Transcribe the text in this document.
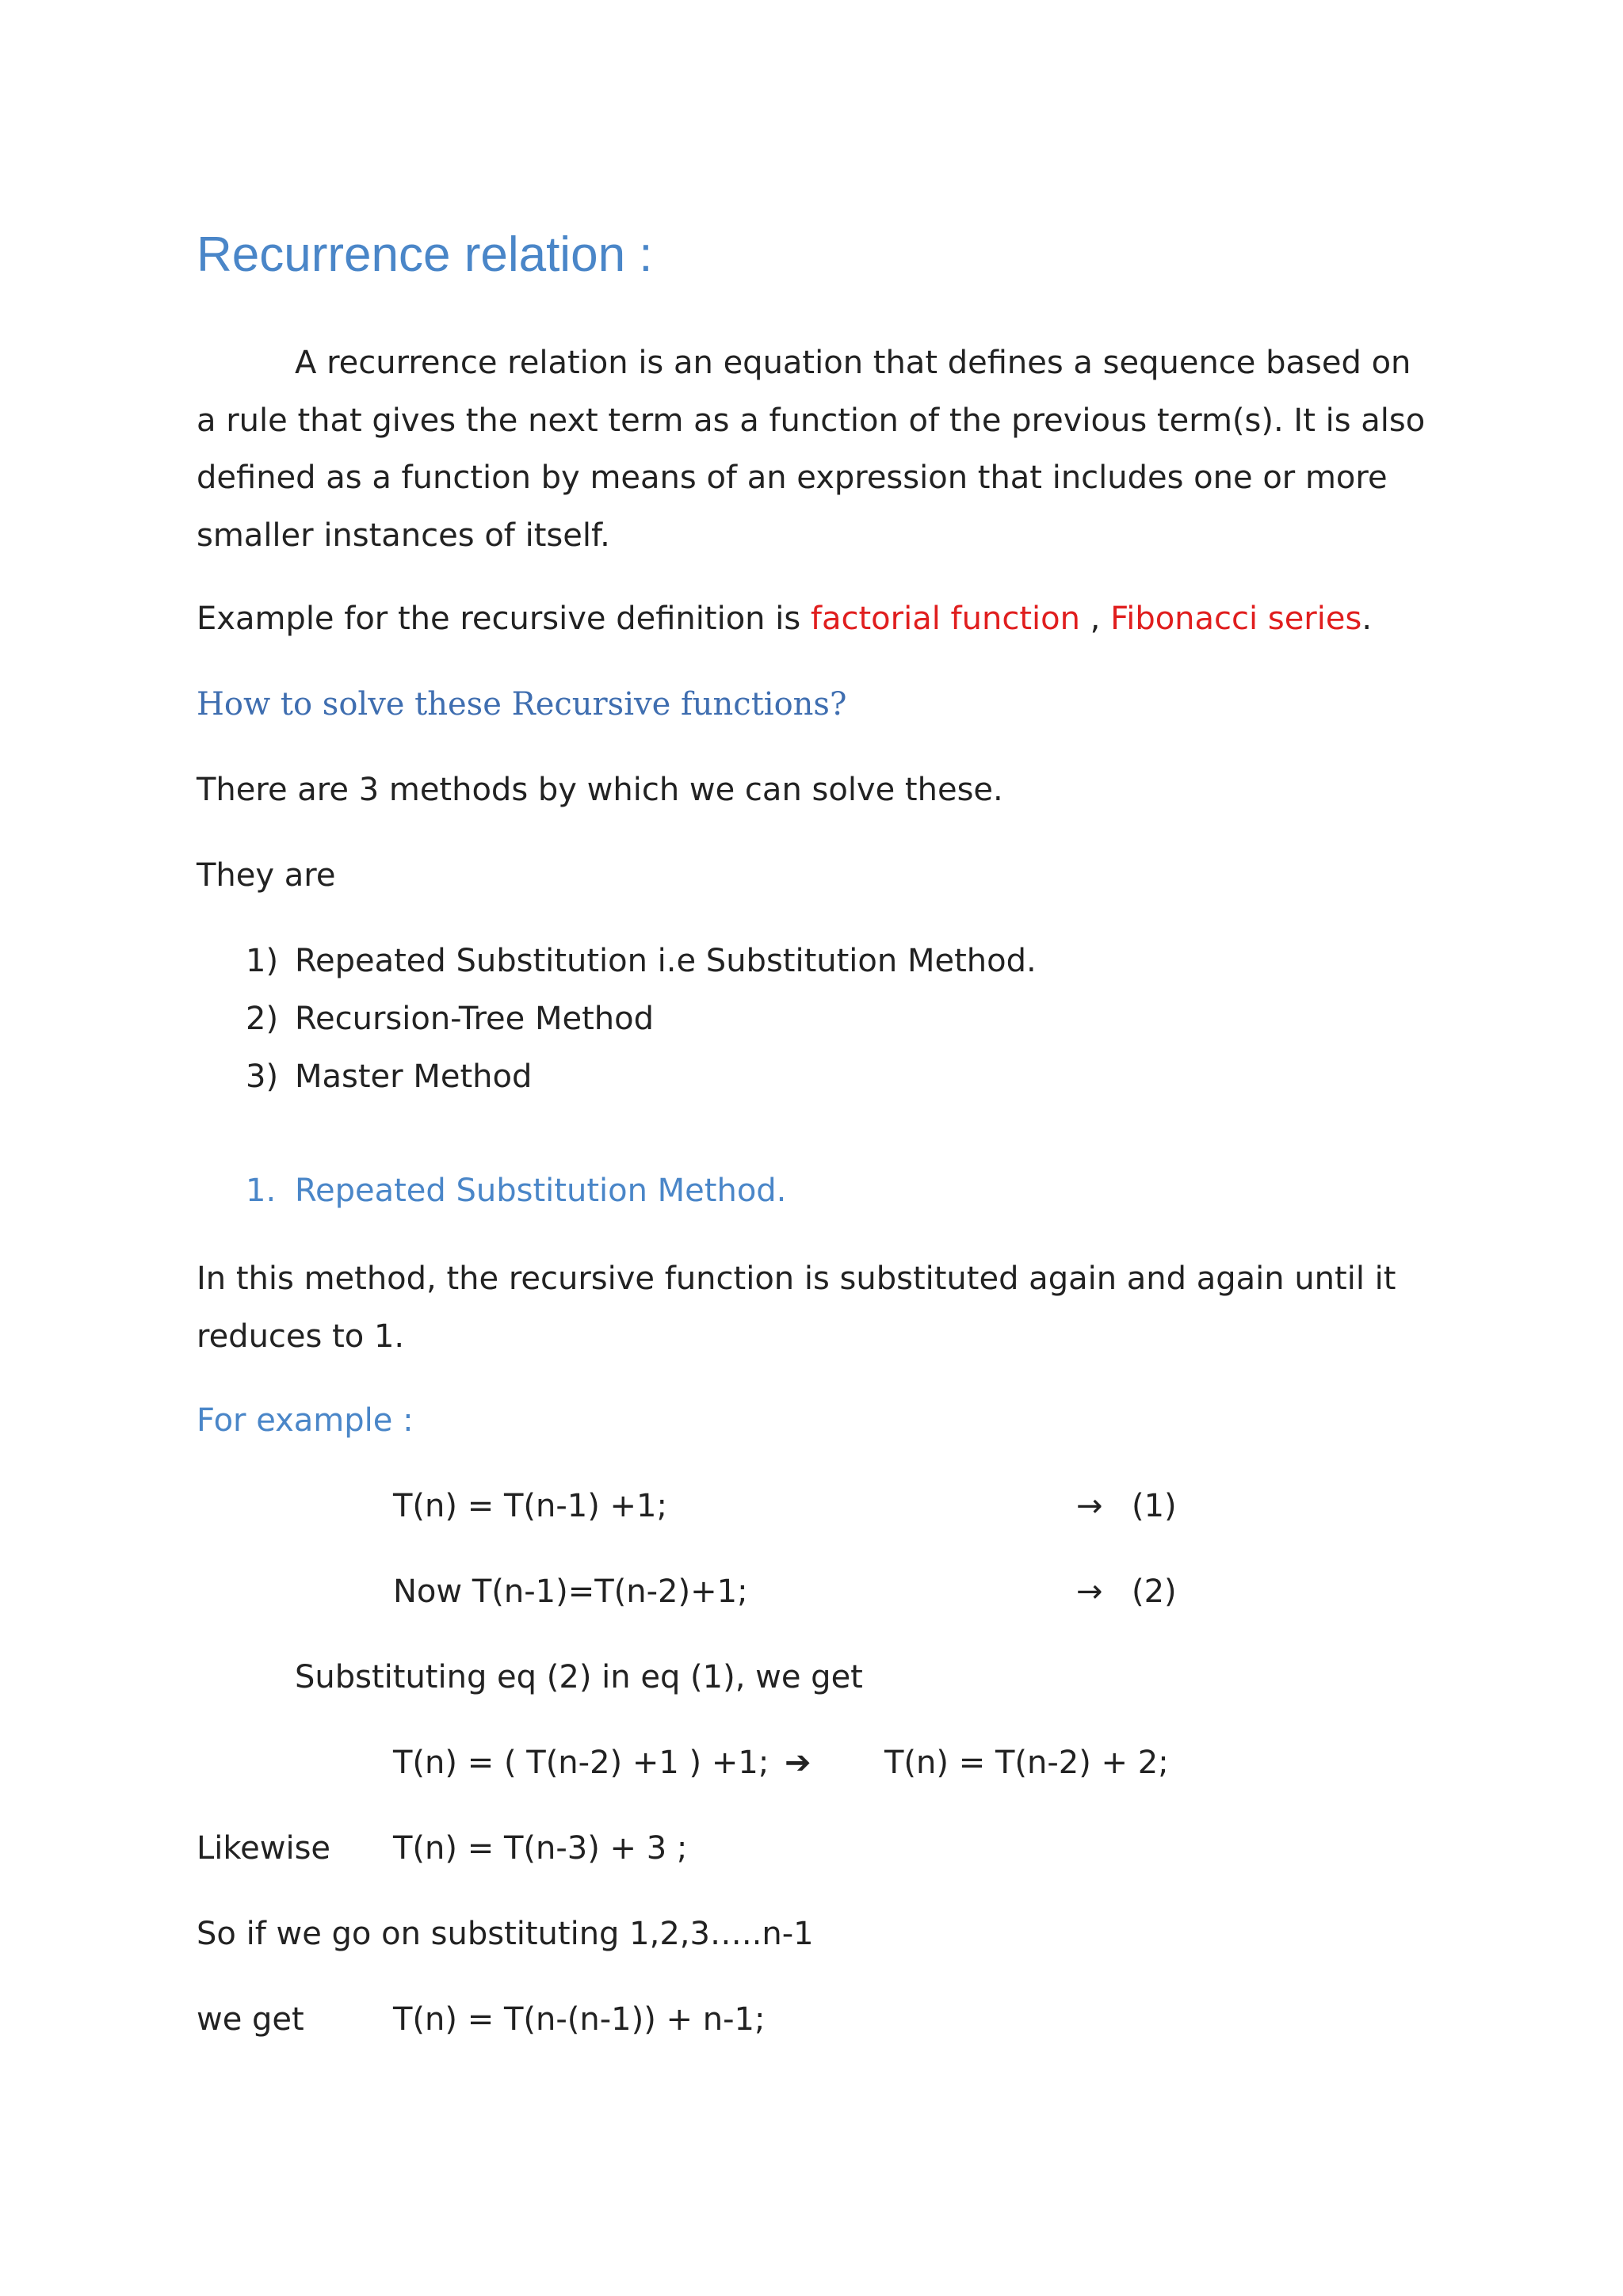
Recurrence relation :
A recurrence relation is an equation that defines a sequence based on a rule that gives the next term as a function of the previous term(s). It is also defined as a function by means of an expression that includes one or more smaller instances of itself.
Example for the recursive definition is factorial function , Fibonacci series.
How to solve these Recursive functions?
There are 3 methods by which we can solve these.
They are
1) Repeated Substitution i.e Substitution Method.
2) Recursion-Tree Method
3) Master Method
1. Repeated Substitution Method.
In this method, the recursive function is substituted again and again until it reduces to 1.
For example :
T(n) = T(n-1) +1;	→ (1)
Now T(n-1)=T(n-2)+1;	→ (2)
Substituting eq (2) in eq (1), we get
T(n) = ( T(n-2) +1 ) +1; ➔ T(n) = T(n-2) + 2;
Likewise T(n) = T(n-3) + 3 ;
So if we go on substituting 1,2,3…..n-1
we get	T(n) = T(n-(n-1)) + n-1;
